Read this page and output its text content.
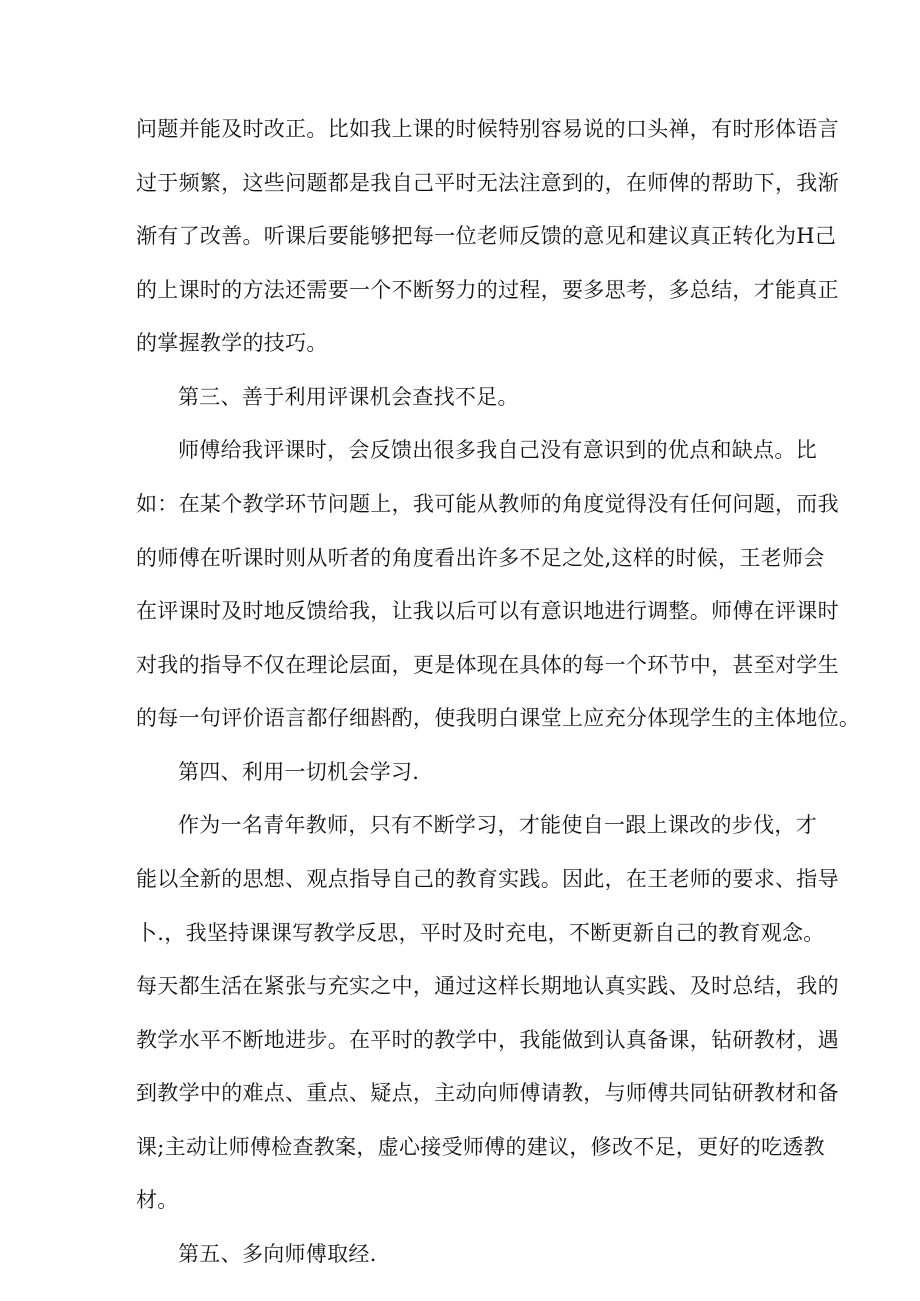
问题并能及时改正。比如我上课的时候特别容易说的口头禅，有时形体语言
过于频繁，这些问题都是我自己平时无法注意到的，在师俾的帮助下，我渐
渐有了改善。听课后要能够把每一位老师反馈的意见和建议真正转化为H己
的上课时的方法还需要一个不断努力的过程，要多思考，多总结，才能真正
的掌握教学的技巧。
第三、善于利用评课机会查找不足。
师傅给我评课时，会反馈出很多我自己没有意识到的优点和缺点。比
如：在某个教学环节问题上，我可能从教师的角度觉得没有任何问题，而我
的师傅在听课时则从听者的角度看出许多不足之处,这样的时候，王老师会
在评课时及时地反馈给我，让我以后可以有意识地进行调整。师傅在评课时
对我的指导不仅在理论层面，更是体现在具体的每一个环节中，甚至对学生
的每一句评价语言都仔细斟酌，使我明白课堂上应充分体现学生的主体地位。
第四、利用一切机会学习.
作为一名青年教师，只有不断学习，才能使自一跟上课改的步伐，才
能以全新的思想、观点指导自己的教育实践。因此，在王老师的要求、指导
卜.，我坚持课课写教学反思，平时及时充电，不断更新自己的教育观念。
每天都生活在紧张与充实之中，通过这样长期地认真实践、及时总结，我的
教学水平不断地进步。在平时的教学中，我能做到认真备课，钻研教材，遇
到教学中的难点、重点、疑点，主动向师傅请教，与师傅共同钻研教材和备
课;主动让师傅检查教案，虚心接受师傅的建议，修改不足，更好的吃透教
材。
第五、多向师傅取经.
